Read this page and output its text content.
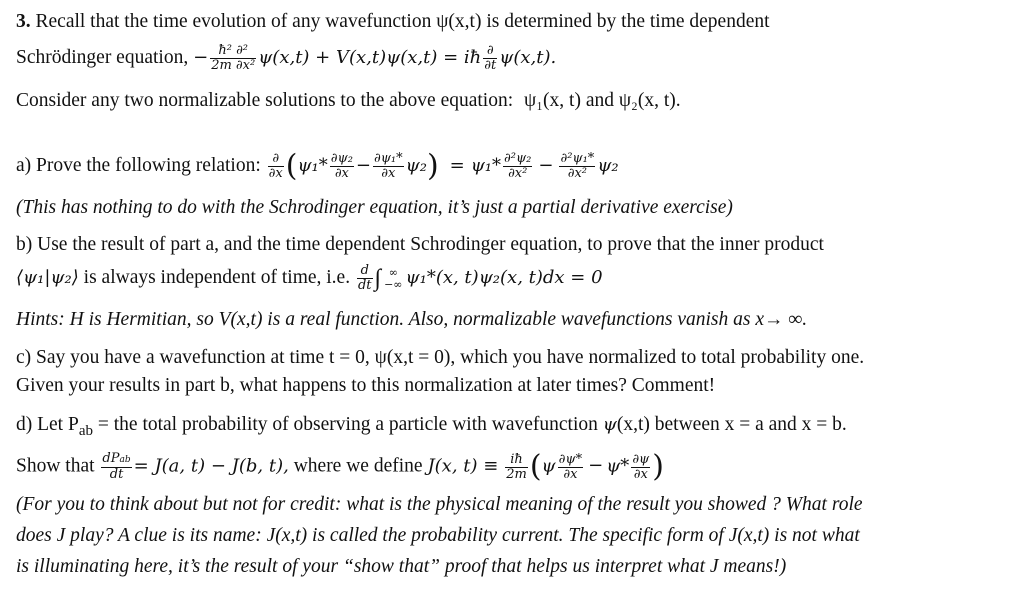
3. Recall that the time evolution of any wavefunction ψ(x,t) is determined by the time dependent
Schrödinger equation, − $\frac{\text{ħ² ∂²}}{\text{2m ∂x²}} \psi(x,t) + V(x,t)\psi(x,t)$ = iħ $\frac{\partial}{\partial t} \psi(x,t)$.
Consider any two normalizable solutions to the above equation: ψ₁(x, t) and ψ₂(x, t).
a) Prove the following relation: $\frac{\partial}{\partial x} (\psi_1* \frac{\text{∂ψ₂}}{\partial x} - \frac{\text{∂ψ₁*}}{\partial x} \psi_2) = \psi_1* \frac{\text{∂²ψ₂}}{\text{∂x²}} - \frac{\text{∂²ψ₁*}}{\text{∂x²}} \psi_2$
(This has nothing to do with the Schrodinger equation, it’s just a partial derivative exercise)
b) Use the result of part a, and the time dependent Schrodinger equation, to prove that the inner product
⟨ψ₁|ψ₂⟩ is always independent of time, i.e. $\frac{d}{dt}$ ∫ ∞
−∞ ψ₁*(x, t)ψ₂(x, t)dx = 0
Hints: H is Hermitian, so V(x,t) is a real function. Also, normalizable wavefunctions vanish as x→ ∞.
c) Say you have a wavefunction at time t = 0, ψ(x,t = 0), which you have normalized to total probability one.
Given your results in part b, what happens to this normalization at later times? Comment!
d) Let $P_{ab}$ = the total probability of observing a particle with wavefunction ψ(x,t) between x = a and x = b.
Show that $\frac{\text{dPab}}{dt} = J(a$, t) − J(b, t), where we define J(x, $t) \equiv \frac{iħ}{2m} (\psi \frac{\partial\psi*}{\partial x} - \psi* \frac{\partial\psi}{\partial x}$ )
(For you to think about but not for credit: what is the physical meaning of the result you showed ? What role
does J play? A clue is its name: J(x,t) is called the probability current. The specific form of J(x,t) is not what
is illuminating here, it’s the result of your “show that” proof that helps us interpret what J means!)
